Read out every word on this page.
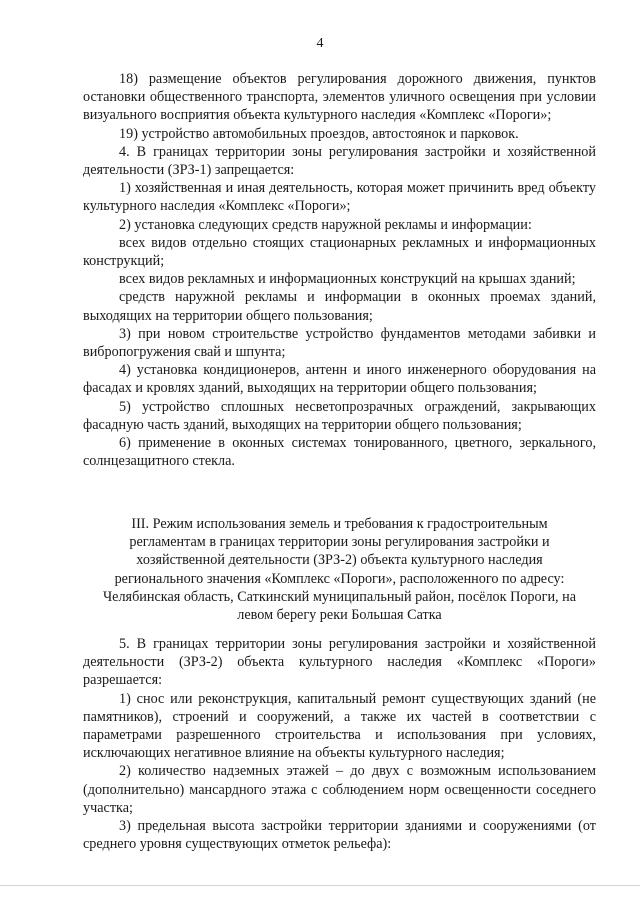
4

18) размещение объектов регулирования дорожного движения, пунктов остановки общественного транспорта, элементов уличного освещения при условии визуального восприятия объекта культурного наследия «Комплекс «Пороги»;

19) устройство автомобильных проездов, автостоянок и парковок.

4. В границах территории зоны регулирования застройки и хозяйственной деятельности (ЗРЗ-1) запрещается:

1) хозяйственная и иная деятельность, которая может причинить вред объекту культурного наследия «Комплекс «Пороги»;

2) установка следующих средств наружной рекламы и информации:

всех видов отдельно стоящих стационарных рекламных и информационных конструкций;

всех видов рекламных и информационных конструкций на крышах зданий;

средств наружной рекламы и информации в оконных проемах зданий, выходящих на территории общего пользования;

3) при новом строительстве устройство фундаментов методами забивки и вибропогружения свай и шпунта;

4) установка кондиционеров, антенн и иного инженерного оборудования на фасадах и кровлях зданий, выходящих на территории общего пользования;

5) устройство сплошных несветопрозрачных ограждений, закрывающих фасадную часть зданий, выходящих на территории общего пользования;

6) применение в оконных системах тонированного, цветного, зеркального, солнцезащитного стекла.

III. Режим использования земель и требования к градостроительным
регламентам в границах территории зоны регулирования застройки и
хозяйственной деятельности (ЗРЗ-2) объекта культурного наследия
регионального значения «Комплекс «Пороги», расположенного по адресу:
Челябинская область, Саткинский муниципальный район, посёлок Пороги, на
левом берегу реки Большая Сатка

5. В границах территории зоны регулирования застройки и хозяйственной деятельности (ЗРЗ-2) объекта культурного наследия «Комплекс «Пороги» разрешается:

1) снос или реконструкция, капитальный ремонт существующих зданий (не памятников), строений и сооружений, а также их частей в соответствии с параметрами разрешенного строительства и использования при условиях, исключающих негативное влияние на объекты культурного наследия;

2) количество надземных этажей – до двух с возможным использованием (дополнительно) мансардного этажа с соблюдением норм освещенности соседнего участка;

3) предельная высота застройки территории зданиями и сооружениями (от среднего уровня существующих отметок рельефа):
